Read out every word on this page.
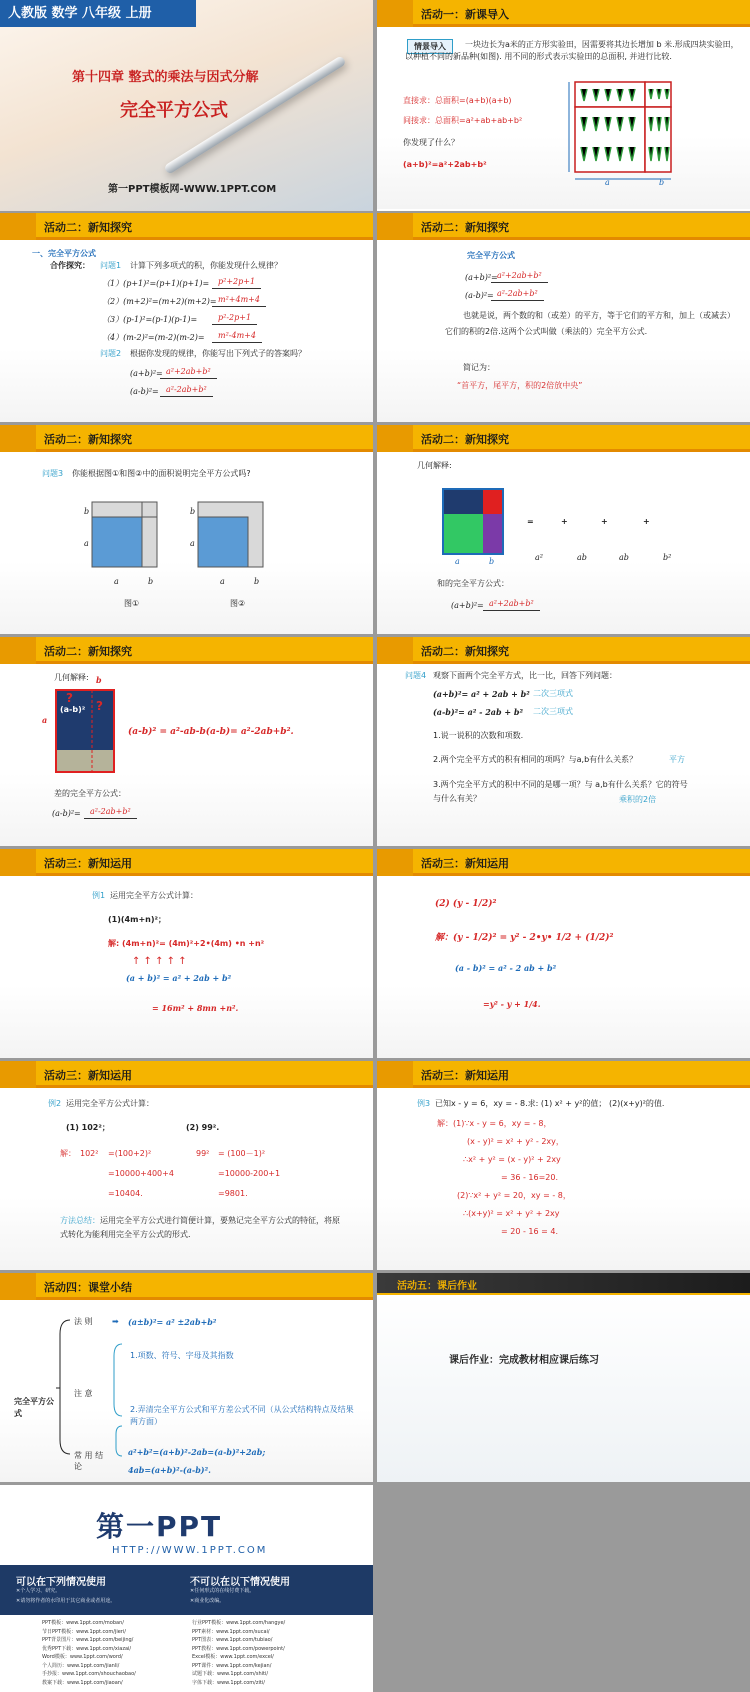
人教版 数学 八年级 上册
第十四章 整式的乘法与因式分解
完全平方公式
第一PPT模板网-WWW.1PPT.COM
活动一：新课导入
情景导入	一块边长为a米的正方形实验田，因需要将其边长增加 b 米.形成四块实验田，以种植不同的新品种(如图). 用不同的形式表示实验田的总面积, 并进行比较.
直接求：总面积=(a+b)(a+b)
间接求：总面积=a²+ab+ab+b²
你发现了什么？
(a+b)²=a²+2ab+b²
a	b
活动二：新知探究
一、完全平方公式
合作探究： 问题1 计算下列多项式的积，你能发现什么规律？
（1）(p+1)²=(p+1)(p+1)=	p²+2p+1
（2）(m+2)²=(m+2)(m+2)= m²+4m+4
（3）(p-1)²=(p-1)(p-1)=	p²-2p+1
（4）(m-2)²=(m-2)(m-2)=	m²-4m+4
问题2 根据你发现的规律，你能写出下列式子的答案吗？
(a+b)²= a²+2ab+b²
(a-b)²= a²-2ab+b²
活动二：新知探究
完全平方公式
(a+b)²= a²+2ab+b²
(a-b)²= a²-2ab+b²
也就是说，两个数的和（或差）的平方，等于它们的平方和，加上（或减去）它们的积的2倍.这两个公式叫做（乘法的）完全平方公式.
简记为：
“首平方，尾平方，积的2倍放中央”
活动二：新知探究
问题3 你能根据图①和图②中的面积说明完全平方公式吗?
b
a
a	b
b
a
a	b
图①	图②
活动二：新知探究
几何解释:
=	+	+	+
a²	ab	ab	b²
a	b
和的完全平方公式：
(a+b)²= a²+2ab+b²
活动二：新知探究
几何解释:
(a-b)²
?
?
a
b
(a-b)² = a²-ab-b(a-b)= a²-2ab+b².
差的完全平方公式：
(a-b)²=	a²-2ab+b²
活动二：新知探究
问题4 观察下面两个完全平方式，比一比，回答下列问题：
(a+b)²= a² + 2ab + b² 二次三项式
(a-b)²= a² - 2ab + b² 二次三项式
1.说一说积的次数和项数.
2.两个完全平方式的积有相同的项吗？与a,b有什么关系？	平方
3.两个完全平方式的积中不同的是哪一项？与 a,b有什么关系？它的符号与什么有关？	乘积的2倍
活动三：新知运用
例1 运用完全平方公式计算：
(1)(4m+n)²；
解: (4m+n)²= (4m)²+2•(4m) •n +n²
↑ ↑ ↑ ↑ ↑
(a + b)² = a² + 2ab + b²
= 16m² + 8mn +n².
活动三：新知运用
(2) (y - 1/2)²
解：(y - 1/2)² = y² - 2•y• 1/2 + (1/2)²
(a - b)² = a² - 2 ab + b²
=y² - y + 1/4.
活动三：新知运用
例2 运用完全平方公式计算：
(1) 102²；	(2) 99².
解： 102² =(100+2)²
=10000+400+4
=10404.
99² = (100－1)²
=10000-200+1
=9801.
方法总结：运用完全平方公式进行简便计算，要熟记完全平方公式的特征，将原式转化为能利用完全平方公式的形式．
活动三：新知运用
例3 已知x - y = 6，xy = - 8.求: (1) x² + y²的值； (2)(x+y)²的值.
解：(1)∵x - y = 6，xy = - 8，
(x - y)² = x² + y² - 2xy，
∴x² + y² = (x - y)² + 2xy
= 36 - 16=20.
(2)∵x² + y² = 20，xy = - 8，
∴(x+y)² = x² + y² + 2xy
= 20 - 16 = 4.
活动四：课堂小结
完全平方公式
法 则 ➡ (a±b)²= a² ±2ab+b²
注 意
1.项数、符号、字母及其指数
2.弄清完全平方公式和平方差公式不同（从公式结构特点及结果两方面）
常 用 结 论
a²+b²=(a+b)²-2ab=(a-b)²+2ab;
4ab=(a+b)²-(a-b)².
活动五：课后作业
课后作业：完成教材相应课后练习
第一PPT
HTTP://WWW.1PPT.COM
可以在下列情况使用
✕个人学习、研究。
✕请勿将作者的水印用于其它商业或者用途。
不可以在以下情况使用
✕任何形式的在线付费下载。
✕商业化改编。
PPT模板：www.1ppt.com/moban/
节日PPT模板：www.1ppt.com/jieri/
PPT背景图片：www.1ppt.com/beijing/
优秀PPT下载：www.1ppt.com/xiazai/
Word模板：www.1ppt.com/word/
个人简历：www.1ppt.com/jianli/
手抄报：www.1ppt.com/shouchaobao/
教案下载：www.1ppt.com/jiaoan/
行业PPT模板：www.1ppt.com/hangye/
PPT素材：www.1ppt.com/sucai/
PPT图表：www.1ppt.com/tubiao/
PPT教程：www.1ppt.com/powerpoint/
Excel模板：www.1ppt.com/excel/
PPT课件：www.1ppt.com/kejian/
试题下载：www.1ppt.com/shiti/
字体下载：www.1ppt.com/ziti/
